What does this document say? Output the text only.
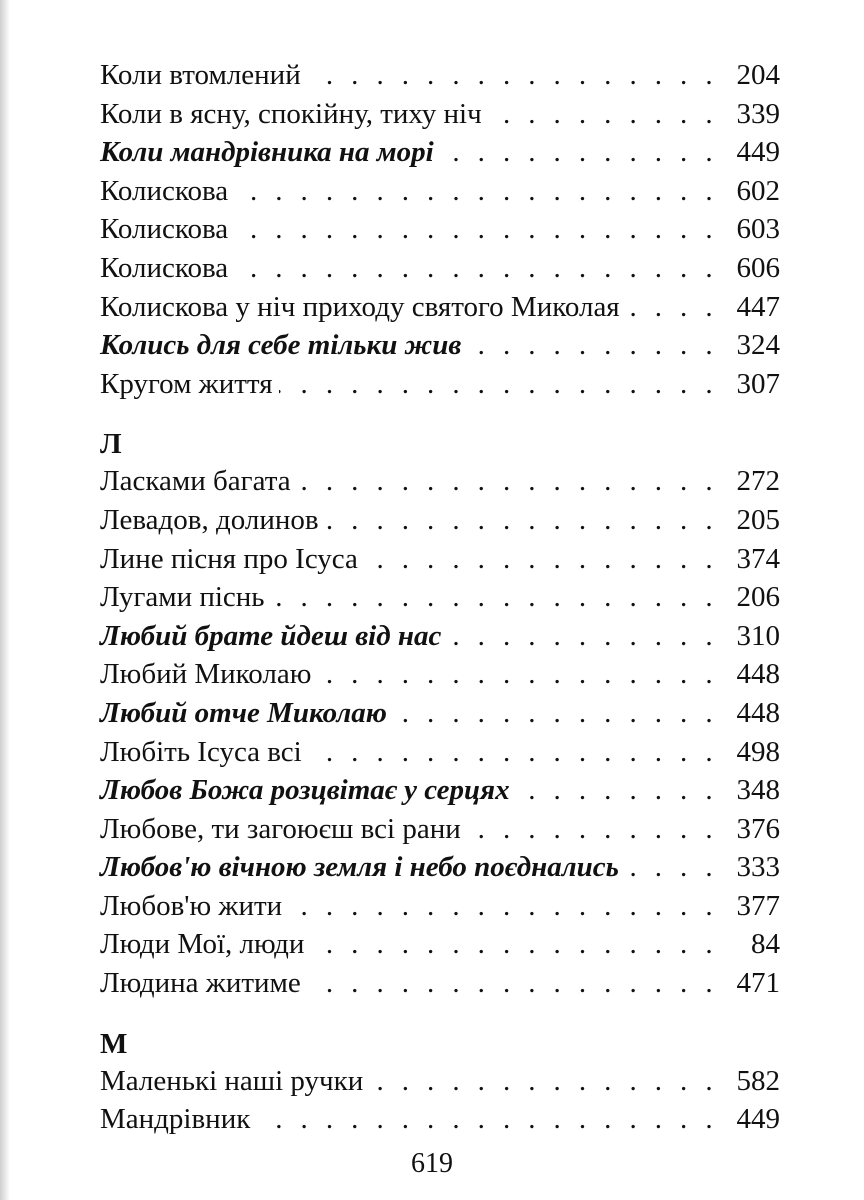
Коли втомлений . . .	204
Коли в ясну, спокійну, тиху ніч . . .	339
Коли мандрівника на морі . . .	449
Колискова . . .	602
Колискова . . .	603
Колискова . . .	606
Колискова у ніч приходу святого Миколая . . .	447
Колись для себе тільки жив . . .	324
Кругом життя . . .	307
Л
Ласками багата . . .	272
Левадов, долинов . . .	205
Лине пісня про Ісуса . . .	374
Лугами піснь . . .	206
Любий брате йдеш від нас . . .	310
Любий Миколаю . . .	448
Любий отче Миколаю . . .	448
Любіть Ісуса всі . . .	498
Любов Божа розцвітає у серцях . . .	348
Любове, ти загоюєш всі рани . . .	376
Любов'ю вічною земля і небо поєднались . . .	333
Любов'ю жити . . .	377
Люди Мої, люди . . .	84
Людина житиме . . .	471
М
Маленькі наші ручки . . .	582
Мандрівник . . .	449
619
